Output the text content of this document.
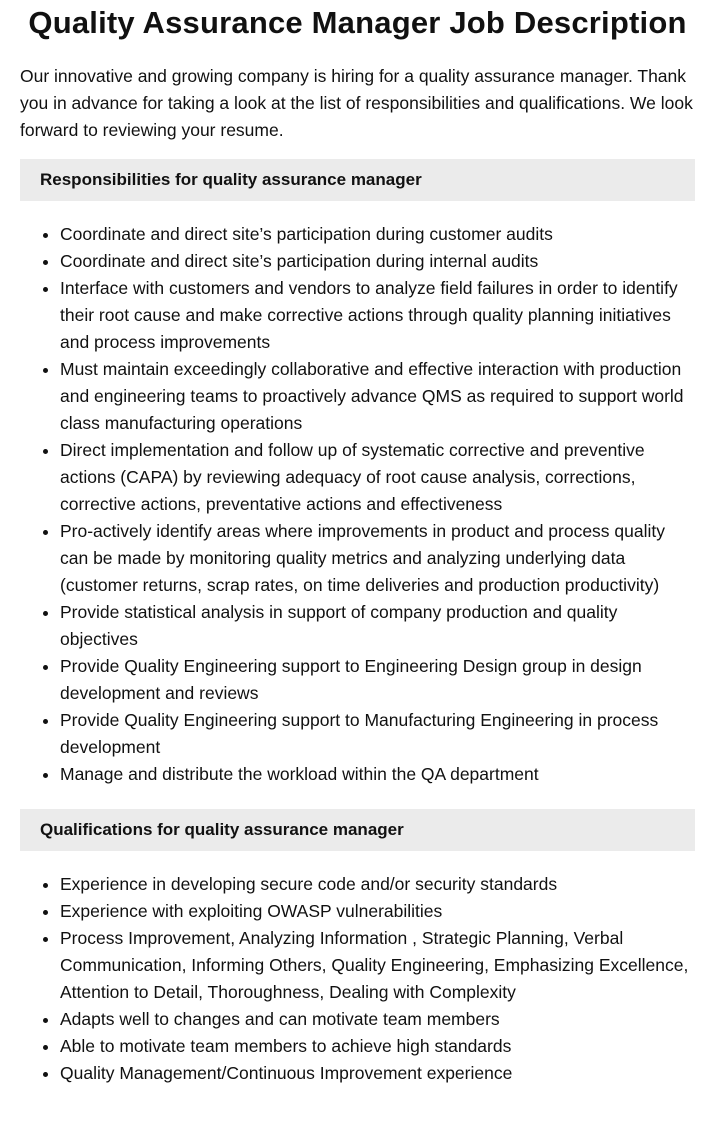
Quality Assurance Manager Job Description

Our innovative and growing company is hiring for a quality assurance manager. Thank you in advance for taking a look at the list of responsibilities and qualifications. We look forward to reviewing your resume.

Responsibilities for quality assurance manager
• Coordinate and direct site’s participation during customer audits
• Coordinate and direct site’s participation during internal audits
• Interface with customers and vendors to analyze field failures in order to identify their root cause and make corrective actions through quality planning initiatives and process improvements
• Must maintain exceedingly collaborative and effective interaction with production and engineering teams to proactively advance QMS as required to support world class manufacturing operations
• Direct implementation and follow up of systematic corrective and preventive actions (CAPA) by reviewing adequacy of root cause analysis, corrections, corrective actions, preventative actions and effectiveness
• Pro-actively identify areas where improvements in product and process quality can be made by monitoring quality metrics and analyzing underlying data (customer returns, scrap rates, on time deliveries and production productivity)
• Provide statistical analysis in support of company production and quality objectives
• Provide Quality Engineering support to Engineering Design group in design development and reviews
• Provide Quality Engineering support to Manufacturing Engineering in process development
• Manage and distribute the workload within the QA department
Qualifications for quality assurance manager
• Experience in developing secure code and/or security standards
• Experience with exploiting OWASP vulnerabilities
• Process Improvement, Analyzing Information , Strategic Planning, Verbal Communication, Informing Others, Quality Engineering, Emphasizing Excellence, Attention to Detail, Thoroughness, Dealing with Complexity
• Adapts well to changes and can motivate team members
• Able to motivate team members to achieve high standards
• Quality Management/Continuous Improvement experience
